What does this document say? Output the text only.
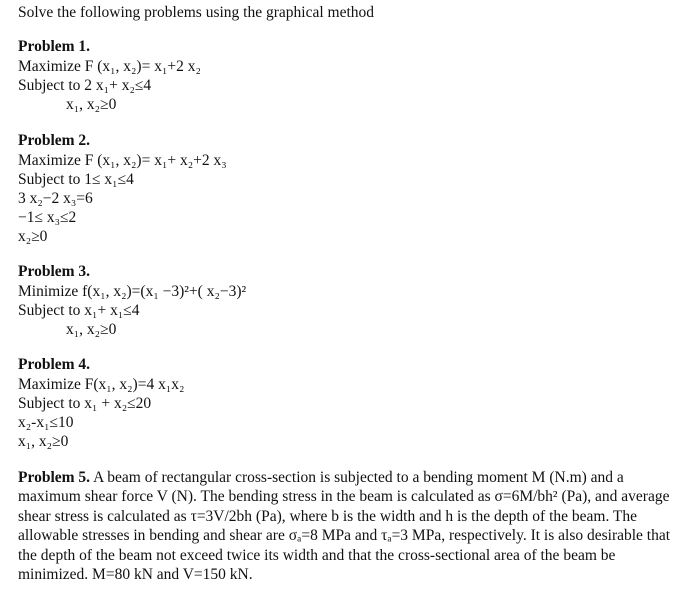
Solve the following problems using the graphical method
Problem 1.
Maximize F (x₁, x₂)= x₁+2 x₂
Subject to 2 x₁+ x₂≤4
x₁, x₂≥0
Problem 2.
Maximize F (x₁, x₂)= x₁+ x₂+2 x₃
Subject to 1≤ x₁≤4
3 x₂−2 x₃=6
−1≤ x₃≤2
x₂≥0
Problem 3.
Minimize f(x₁, x₂)=(x₁ −3)²+( x₂−3)²
Subject to x₁+ x₁≤4
x₁, x₂≥0
Problem 4.
Maximize F(x₁, x₂)=4 x₁x₂
Subject to x₁ + x₂≤20
x₂-x₁≤10
x₁, x₂≥0
Problem 5. A beam of rectangular cross-section is subjected to a bending moment M (N.m) and a maximum shear force V (N). The bending stress in the beam is calculated as σ=6M/bh² (Pa), and average shear stress is calculated as τ=3V/2bh (Pa), where b is the width and h is the depth of the beam. The allowable stresses in bending and shear are σₐ=8 MPa and τₐ=3 MPa, respectively. It is also desirable that the depth of the beam not exceed twice its width and that the cross-sectional area of the beam be minimized. M=80 kN and V=150 kN.
